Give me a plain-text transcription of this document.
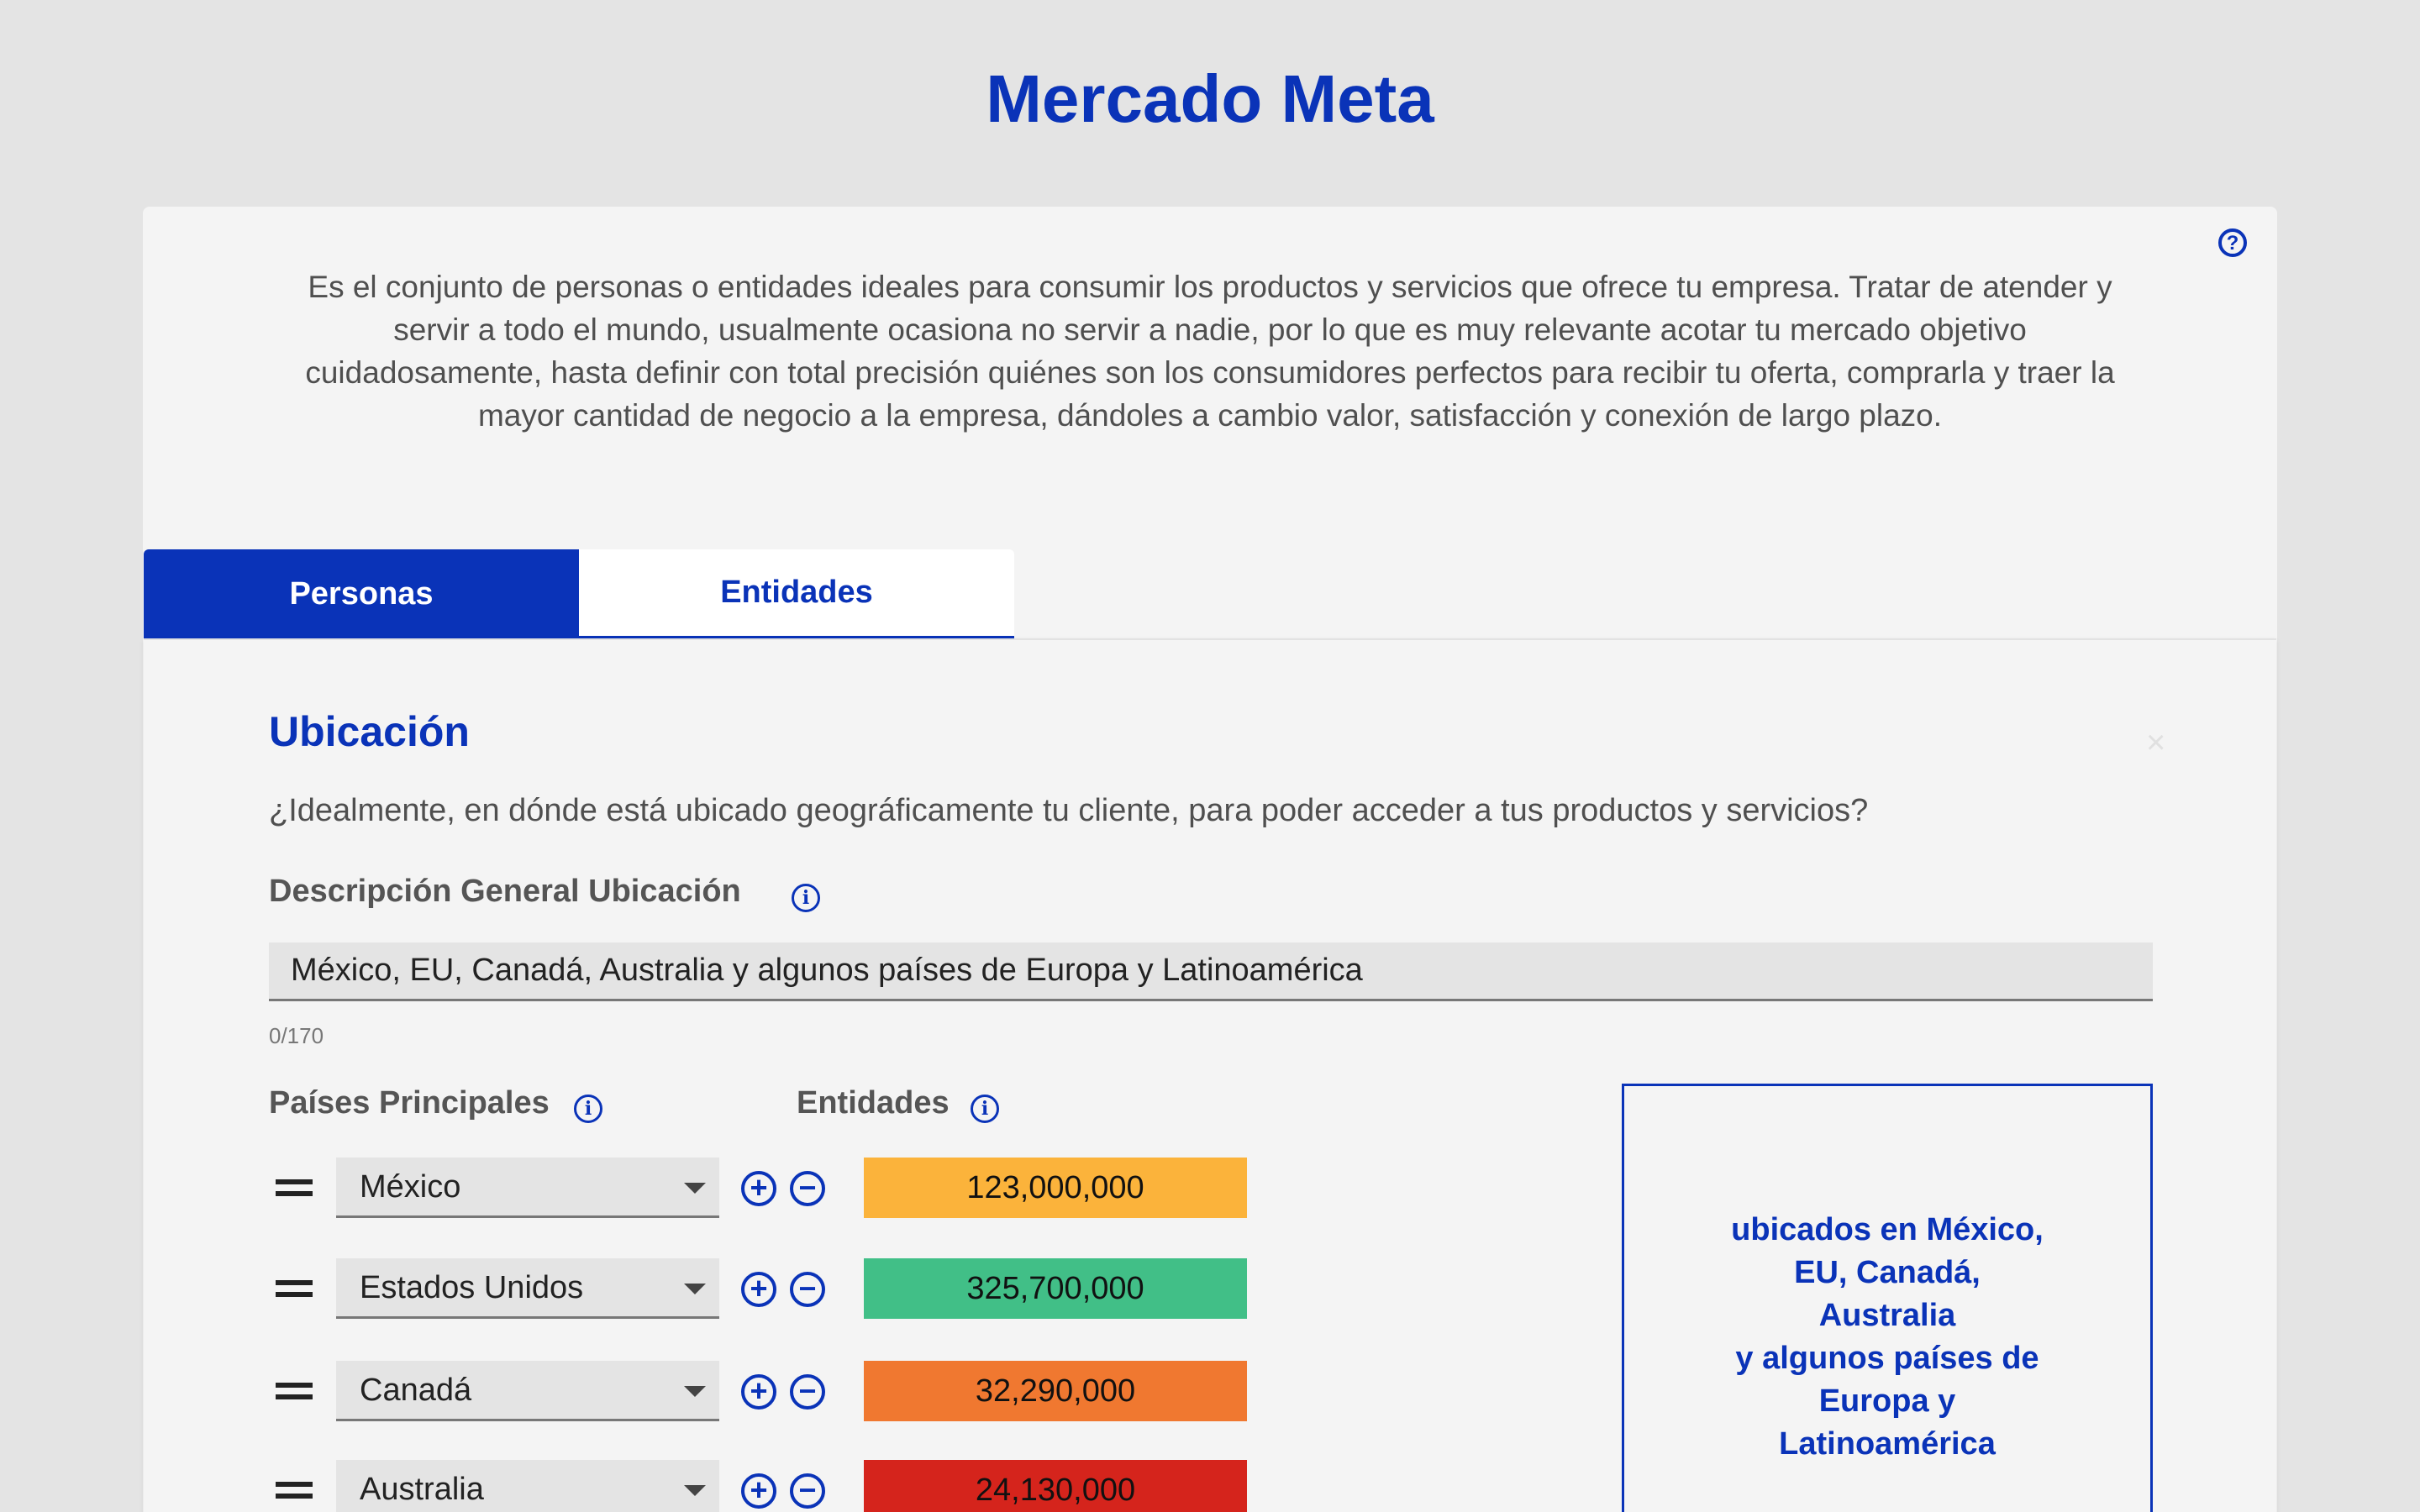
Mercado Meta
?
Es el conjunto de personas o entidades ideales para consumir los productos y servicios que ofrece tu empresa. Tratar de atender y servir a todo el mundo, usualmente ocasiona no servir a nadie, por lo que es muy relevante acotar tu mercado objetivo cuidadosamente, hasta definir con total precisión quiénes son los consumidores perfectos para recibir tu oferta, comprarla y traer la mayor cantidad de negocio a la empresa, dándoles a cambio valor, satisfacción y conexión de largo plazo.
Personas	Entidades
Ubicación	×
¿Idealmente, en dónde está ubicado geográficamente tu cliente, para poder acceder a tus productos y servicios?
Descripción General Ubicación	i
México, EU, Canadá, Australia y algunos países de Europa y Latinoamérica
0/170
Países Principales	i	Entidades	i
México	+ −	123,000,000
Estados Unidos	+ −	325,700,000
Canadá	+ −	32,290,000
Australia	+ −	24,130,000
ubicados en México,
EU, Canadá,
Australia
y algunos países de
Europa y
Latinoamérica
